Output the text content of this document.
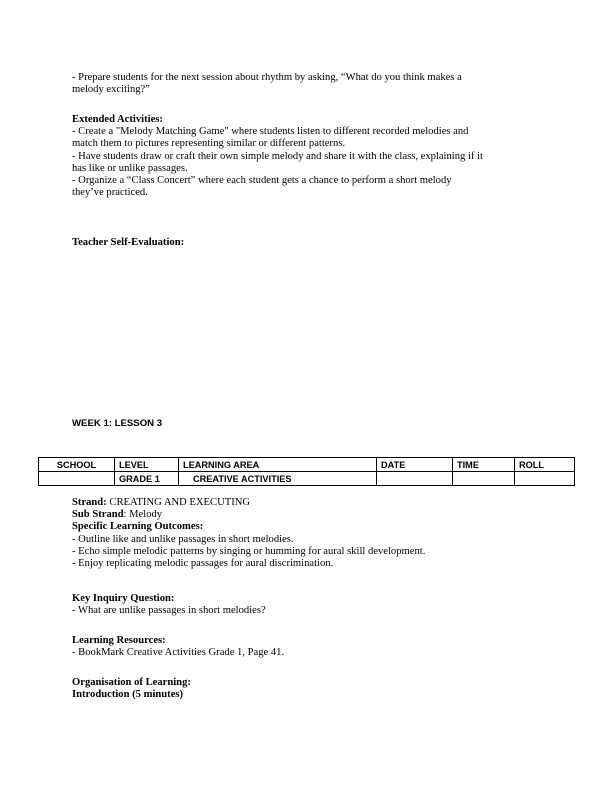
- Prepare students for the next session about rhythm by asking, “What do you think makes a

melody exciting?”

Extended Activities:

- Create a "Melody Matching Game" where students listen to different recorded melodies and

match them to pictures representing similar or different patterns.

- Have students draw or craft their own simple melody and share it with the class, explaining if it

has like or unlike passages.

- Organize a “Class Concert” where each student gets a chance to perform a short melody

they’ve practiced.

Teacher Self-Evaluation:
WEEK 1: LESSON 3
SCHOOL	LEVEL	LEARNING AREA	DATE	TIME	ROLL
	GRADE 1	CREATIVE ACTIVITIES			

Strand: CREATING AND EXECUTING

Sub Strand: Melody

Specific Learning Outcomes:

- Outline like and unlike passages in short melodies.

- Echo simple melodic patterns by singing or humming for aural skill development.

- Enjoy replicating melodic passages for aural discrimination.

Key Inquiry Question:

- What are unlike passages in short melodies?

Learning Resources:

- BookMark Creative Activities Grade 1, Page 41.

Organisation of Learning:

Introduction (5 minutes)
